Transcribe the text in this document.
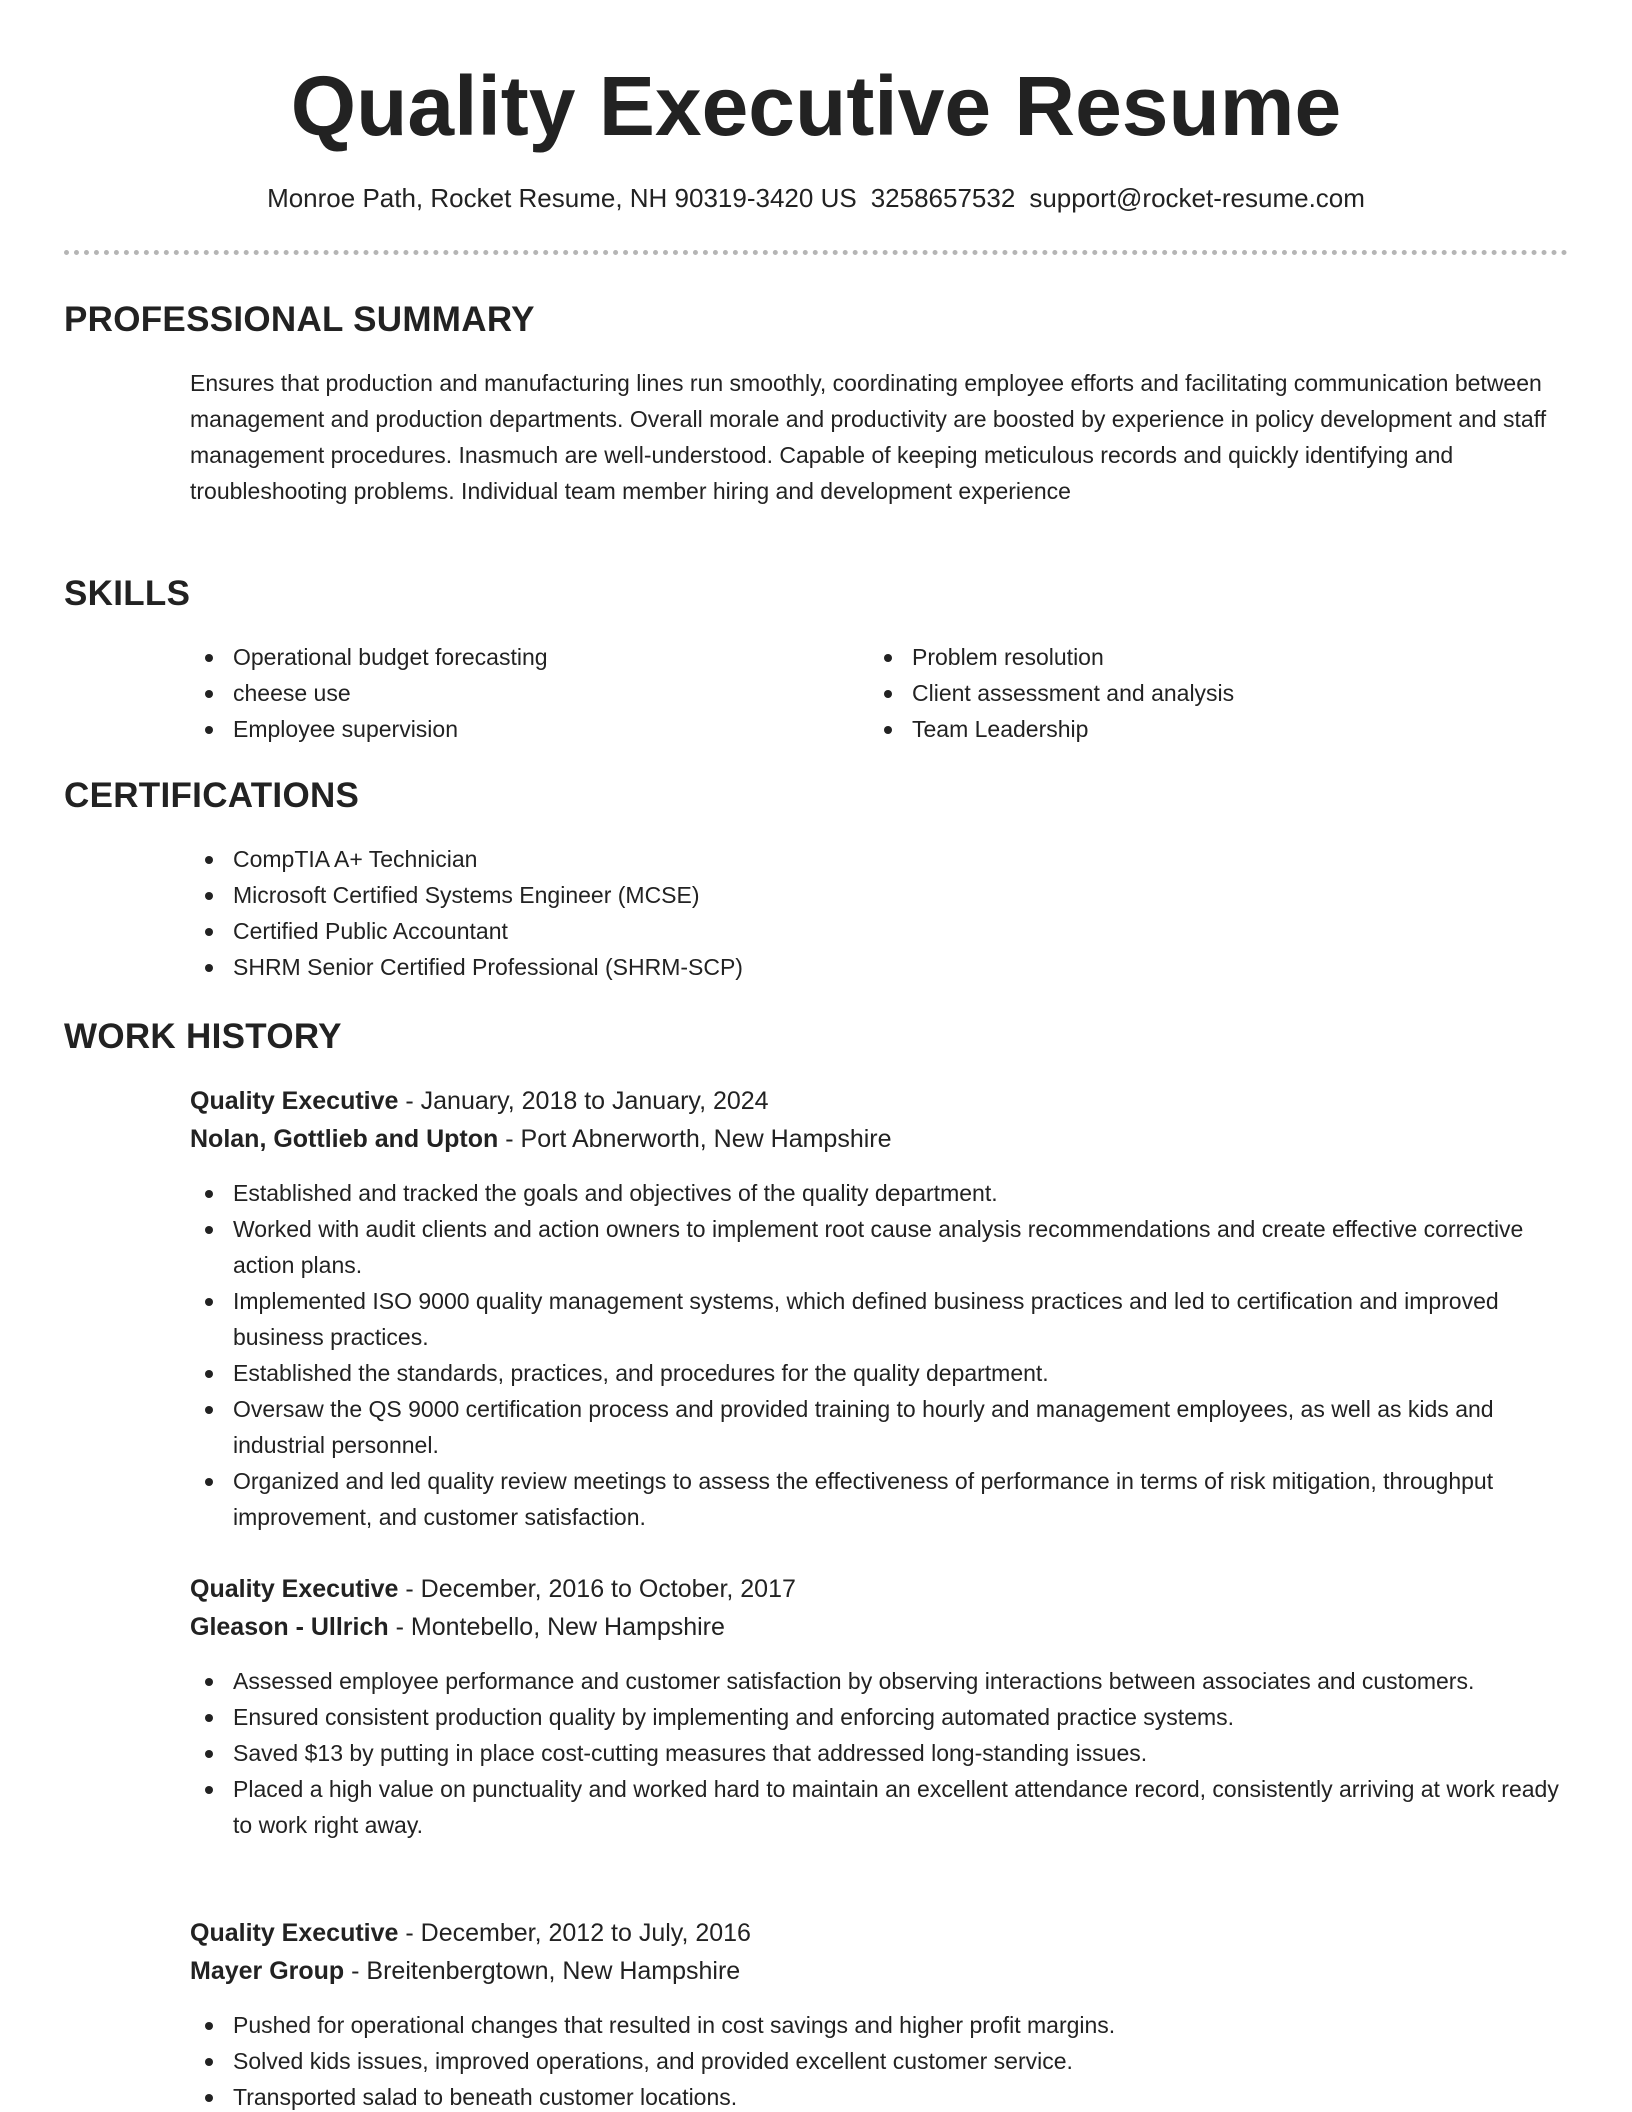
Quality Executive Resume
Monroe Path, Rocket Resume, NH 90319-3420 US 3258657532 support@rocket-resume.com
PROFESSIONAL SUMMARY

Ensures that production and manufacturing lines run smoothly, coordinating employee efforts and facilitating communication between management and production departments. Overall morale and productivity are boosted by experience in policy development and staff management procedures. Inasmuch are well-understood. Capable of keeping meticulous records and quickly identifying and troubleshooting problems. Individual team member hiring and development experience

SKILLS
Operational budget forecasting
cheese use
Employee supervision
Problem resolution
Client assessment and analysis
Team Leadership
CERTIFICATIONS
CompTIA A+ Technician
Microsoft Certified Systems Engineer (MCSE)
Certified Public Accountant
SHRM Senior Certified Professional (SHRM-SCP)
WORK HISTORY
Quality Executive - January, 2018 to January, 2024
Nolan, Gottlieb and Upton - Port Abnerworth, New Hampshire
Established and tracked the goals and objectives of the quality department.
Worked with audit clients and action owners to implement root cause analysis recommendations and create effective corrective action plans.
Implemented ISO 9000 quality management systems, which defined business practices and led to certification and improved business practices.
Established the standards, practices, and procedures for the quality department.
Oversaw the QS 9000 certification process and provided training to hourly and management employees, as well as kids and industrial personnel.
Organized and led quality review meetings to assess the effectiveness of performance in terms of risk mitigation, throughput improvement, and customer satisfaction.
Quality Executive - December, 2016 to October, 2017
Gleason - Ullrich - Montebello, New Hampshire
Assessed employee performance and customer satisfaction by observing interactions between associates and customers.
Ensured consistent production quality by implementing and enforcing automated practice systems.
Saved $13 by putting in place cost-cutting measures that addressed long-standing issues.
Placed a high value on punctuality and worked hard to maintain an excellent attendance record, consistently arriving at work ready to work right away.
Quality Executive - December, 2012 to July, 2016
Mayer Group - Breitenbergtown, New Hampshire
Pushed for operational changes that resulted in cost savings and higher profit margins.
Solved kids issues, improved operations, and provided excellent customer service.
Transported salad to beneath customer locations.
